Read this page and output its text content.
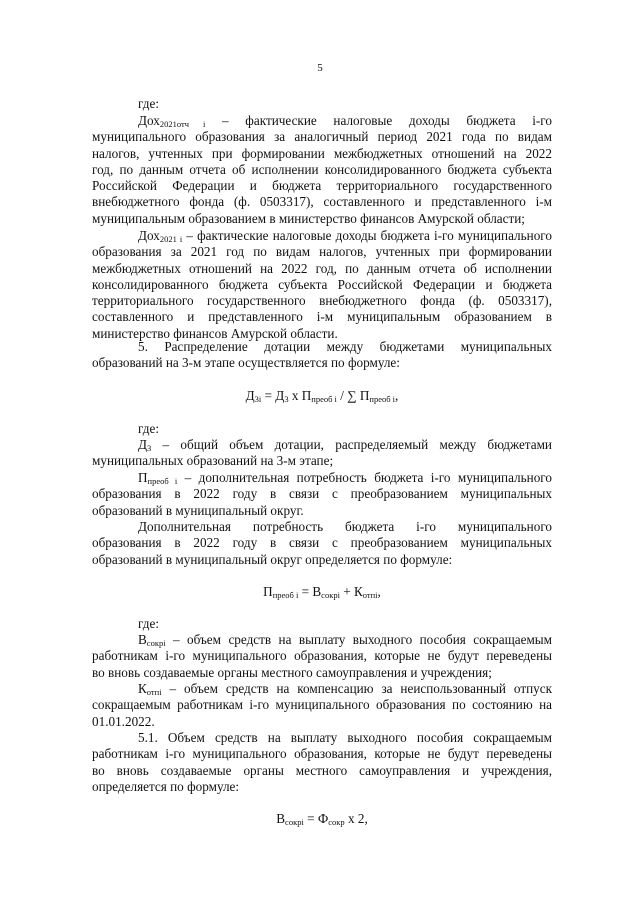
5

где:

Дох$_{2021отч}$ $_i$ – фактические налоговые доходы бюджета i-го
муниципального образования за аналогичный период 2021 года по видам
налогов, учтенных при формировании межбюджетных отношений на 2022
год, по данным отчета об исполнении консолидированного бюджета субъекта
Российской Федерации и бюджета территориального государственного
внебюджетного фонда (ф. 0503317), составленного и представленного i-м
муниципальным образованием в министерство финансов Амурской области;
Дох$_{2021 i}$ – фактические налоговые доходы бюджета i-го муниципального
образования за 2021 год по видам налогов, учтенных при формировании
межбюджетных отношений на 2022 год, по данным отчета об исполнении
консолидированного бюджета субъекта Российской Федерации и бюджета
территориального государственного внебюджетного фонда (ф. 0503317),
составленного и представленного i-м муниципальным образованием в
министерство финансов Амурской области.
5. Распределение дотации между бюджетами муниципальных
образований на 3-м этапе осуществляется по формуле:
$Д_{3i} = Д_3$ x $П_{преоб i}$ / ∑ $П_{преоб i}$,

где:

$Д_3$ – общий объем дотации, распределяемый между бюджетами
муниципальных образований на 3-м этапе;
$П_{преоб i}$ – дополнительная потребность бюджета i-го муниципального
образования в 2022 году в связи с преобразованием муниципальных
образований в муниципальный округ.
Дополнительная потребность бюджета i-го муниципального
образования в 2022 году в связи с преобразованием муниципальных
образований в муниципальный округ определяется по формуле:
$П_{преоб i} = В_{сокрi} + К_{отпi}$,

где:

$В_{сокрi}$ – объем средств на выплату выходного пособия сокращаемым
работникам i-го муниципального образования, которые не будут переведены
во вновь создаваемые органы местного самоуправления и учреждения;
$К_{отпi}$ – объем средств на компенсацию за неиспользованный отпуск
сокращаемым работникам i-го муниципального образования по состоянию на
01.01.2022.
5.1. Объем средств на выплату выходного пособия сокращаемым
работникам i-го муниципального образования, которые не будут переведены
во вновь создаваемые органы местного самоуправления и учреждения,
определяется по формуле:
$В_{сокрi} = Ф_{сокр}$ x 2,
